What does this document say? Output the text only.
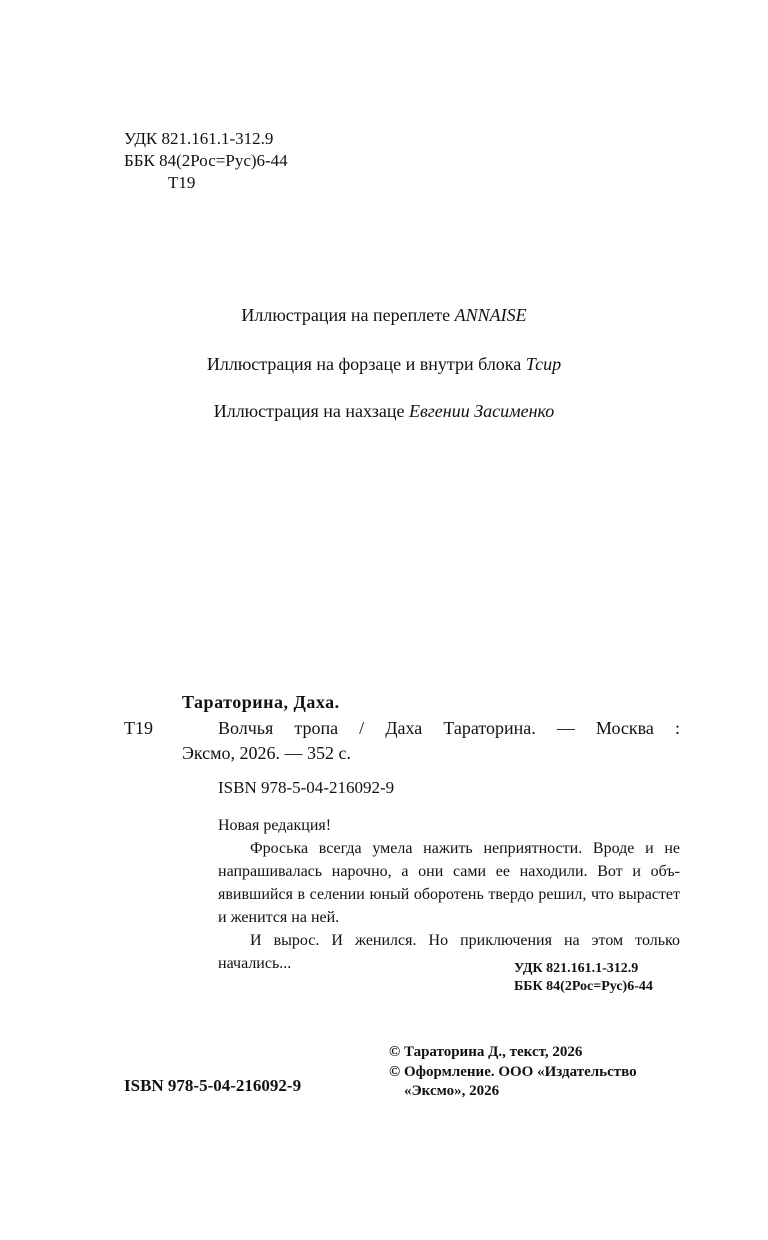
УДК 821.161.1-312.9
ББК 84(2Рос=Рус)6-44
Т19
Иллюстрация на переплете ANNAISE
Иллюстрация на форзаце и внутри блока Тсир
Иллюстрация на нахзаце Евгении Засименко
Тараторина, Даха.
Т19	Волчья тропа / Даха Тараторина. — Москва :
Эксмо, 2026. — 352 с.
ISBN 978-5-04-216092-9

Новая редакция!

Фроська всегда умела нажить неприятности. Вроде и не напрашивалась нарочно, а они сами ее находили. Вот и объ-явившийся в селении юный оборотень твердо решил, что вырастет и женится на ней.

И вырос. И женился. Но приключения на этом только

начались...	УДК 821.161.1-312.9
ББК 84(2Рос=Рус)6-44
© Тараторина Д., текст, 2026
© Оформление. ООО «Издательство
«Эксмо», 2026
ISBN 978-5-04-216092-9
